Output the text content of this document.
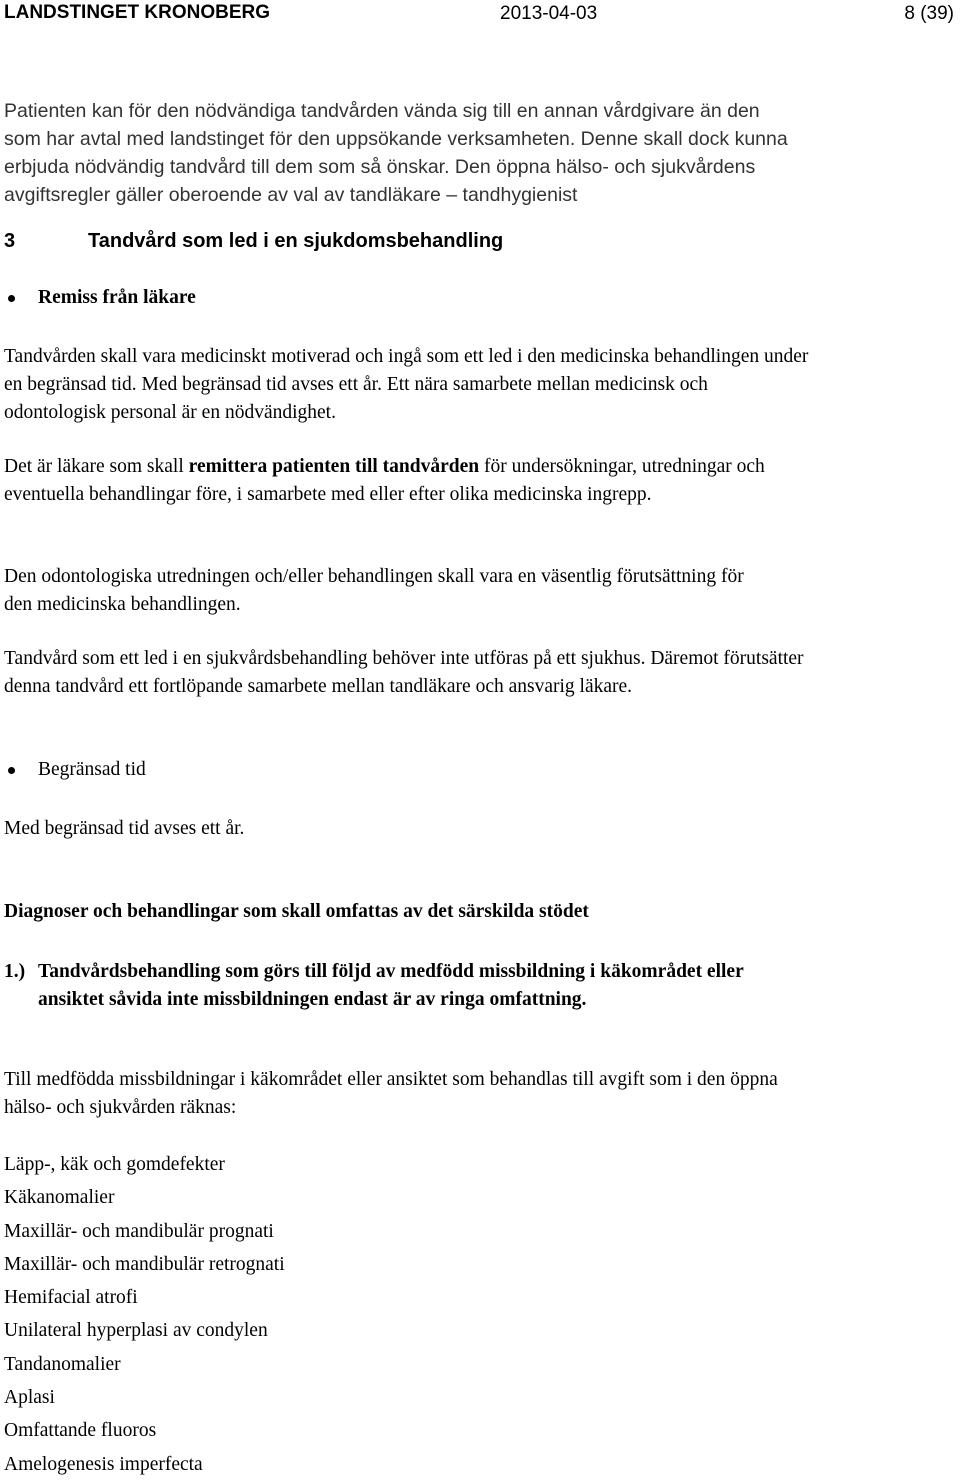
LANDSTINGET KRONOBERG	2013-04-03	8 (39)
Patienten kan för den nödvändiga tandvården vända sig till en annan vårdgivare än den som har avtal med landstinget för den uppsökande verksamheten. Denne skall dock kunna erbjuda nödvändig tandvård till dem som så önskar. Den öppna hälso- och sjukvårdens avgiftsregler gäller oberoende av val av tandläkare – tandhygienist
3	Tandvård som led i en sjukdomsbehandling
Remiss från läkare
Tandvården skall vara medicinskt motiverad och ingå som ett led i den medicinska behandlingen under en begränsad tid. Med begränsad tid avses ett år. Ett nära samarbete mellan medicinsk och odontologisk personal är en nödvändighet.
Det är läkare som skall remittera patienten till tandvården för undersökningar, utredningar och eventuella behandlingar före, i samarbete med eller efter olika medicinska ingrepp.
Den odontologiska utredningen och/eller behandlingen skall vara en väsentlig förutsättning för den medicinska behandlingen.
Tandvård som ett led i en sjukvårdsbehandling behöver inte utföras på ett sjukhus. Däremot förutsätter denna tandvård ett fortlöpande samarbete mellan tandläkare och ansvarig läkare.
Begränsad tid
Med begränsad tid avses ett år.
Diagnoser och behandlingar som skall omfattas av det särskilda stödet
1.) Tandvårdsbehandling som görs till följd av medfödd missbildning i käkområdet eller ansiktet såvida inte missbildningen endast är av ringa omfattning.
Till medfödda missbildningar i käkområdet eller ansiktet som behandlas till avgift som i den öppna hälso- och sjukvården räknas:
Läpp-, käk och gomdefekter
Käkanomalier
Maxillär- och mandibulär prognati
Maxillär- och mandibulär retrognati
Hemifacial atrofi
Unilateral hyperplasi av condylen
Tandanomalier
Aplasi
Omfattande fluoros
Amelogenesis imperfecta
